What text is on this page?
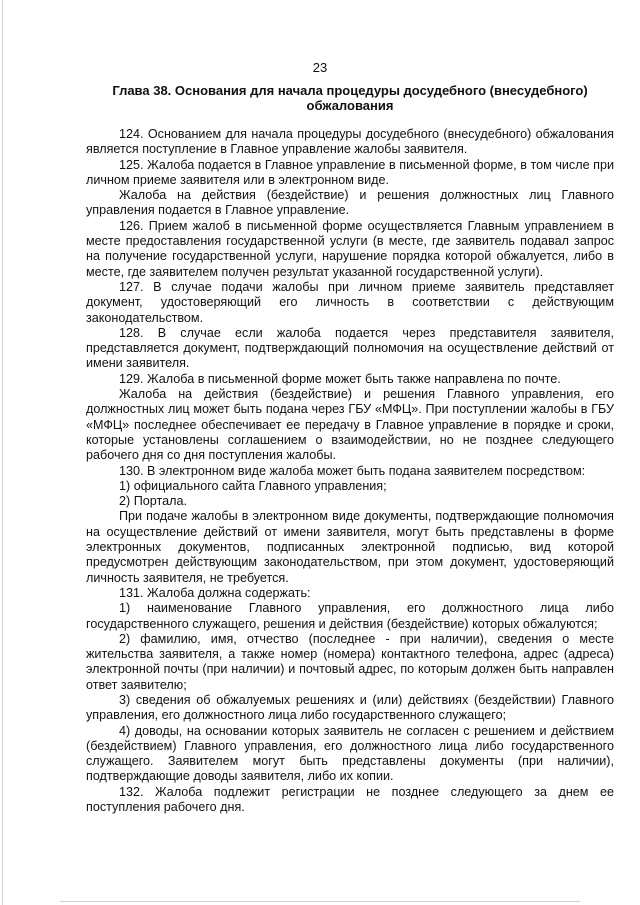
23
Глава 38. Основания для начала процедуры досудебного (внесудебного) обжалования

124. Основанием для начала процедуры досудебного (внесудебного) обжалования является поступление в Главное управление жалобы заявителя.

125. Жалоба подается в Главное управление в письменной форме, в том числе при личном приеме заявителя или в электронном виде.

Жалоба на действия (бездействие) и решения должностных лиц Главного управления подается в Главное управление.

126. Прием жалоб в письменной форме осуществляется Главным управлением в месте предоставления государственной услуги (в месте, где заявитель подавал запрос на получение государственной услуги, нарушение порядка которой обжалуется, либо в месте, где заявителем получен результат указанной государственной услуги).

127. В случае подачи жалобы при личном приеме заявитель представляет документ, удостоверяющий его личность в соответствии с действующим законодательством.

128. В случае если жалоба подается через представителя заявителя, представляется документ, подтверждающий полномочия на осуществление действий от имени заявителя.

129. Жалоба в письменной форме может быть также направлена по почте.

Жалоба на действия (бездействие) и решения Главного управления, его должностных лиц может быть подана через ГБУ «МФЦ». При поступлении жалобы в ГБУ «МФЦ» последнее обеспечивает ее передачу в Главное управление в порядке и сроки, которые установлены соглашением о взаимодействии, но не позднее следующего рабочего дня со дня поступления жалобы.

130. В электронном виде жалоба может быть подана заявителем посредством:

1) официального сайта Главного управления;

2) Портала.

При подаче жалобы в электронном виде документы, подтверждающие полномочия на осуществление действий от имени заявителя, могут быть представлены в форме электронных документов, подписанных электронной подписью, вид которой предусмотрен действующим законодательством, при этом документ, удостоверяющий личность заявителя, не требуется.

131. Жалоба должна содержать:

1) наименование Главного управления, его должностного лица либо государственного служащего, решения и действия (бездействие) которых обжалуются;

2) фамилию, имя, отчество (последнее - при наличии), сведения о месте жительства заявителя, а также номер (номера) контактного телефона, адрес (адреса) электронной почты (при наличии) и почтовый адрес, по которым должен быть направлен ответ заявителю;

3) сведения об обжалуемых решениях и (или) действиях (бездействии) Главного управления, его должностного лица либо государственного служащего;

4) доводы, на основании которых заявитель не согласен с решением и действием (бездействием) Главного управления, его должностного лица либо государственного служащего. Заявителем могут быть представлены документы (при наличии), подтверждающие доводы заявителя, либо их копии.

132. Жалоба подлежит регистрации не позднее следующего за днем ее поступления рабочего дня.
